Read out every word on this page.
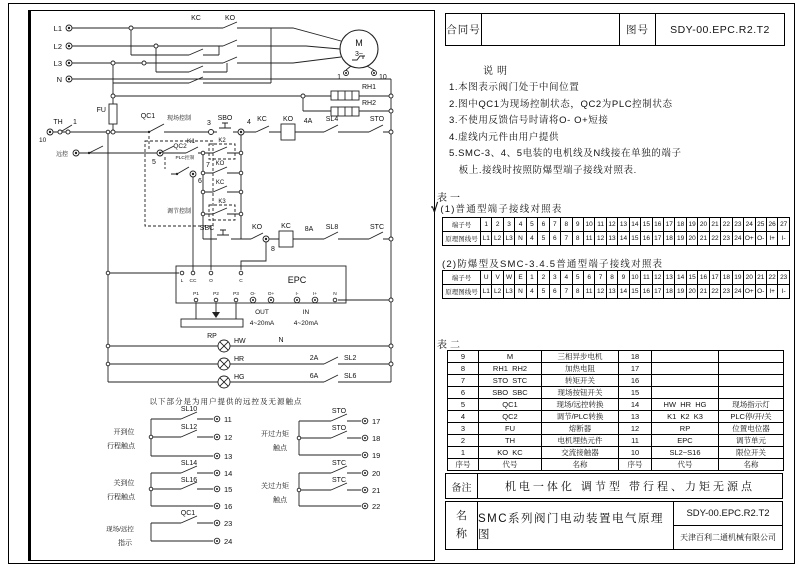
L1
L2
L3
N
KC	KO
M
3~
1	10
RH1
RH2
FU
TH 1
10
QC1 现场控制
远控
QC2
PLC控制
5
6
7
调节控制
K1	K2
KO
KC
K3
3
SBO
4 KC KO 4A SL4	STO
SBC	KO
8
KC 8A SL8	STC
EPC
L CC	O	C
P1	P2	P3 O-	O+	I-	I+	N
OUT
4~20mA
IN
4~20mA
RP
HW	N
HR	2A	SL2
HG	6A	SL6
以下部分是为用户提供的远控及无源触点
SL10
SL12
11
12
13
开到位
行程触点
SL14
SL16
14
15
16
关到位
行程触点
QC1
23
24
现场/远控
指示
STO
STO
17
18
19
开过力矩
触点
STC
STC
20
21
22
关过力矩
触点
合同号	图号	SDY-00.EPC.R2.T2
说明
1.本图表示阀门处于中间位置
2.图中QC1为现场控制状态，QC2为PLC控制状态
3.不使用反馈信号时请将O- O+短接
4.虚线内元件由用户提供
5.SMC-3、4、5电装的电机线及N线接在单独的端子
板上.接线时按照防爆型端子接线对照表.
表一
√ (1)普通型端子接线对照表
端子号	1	2	3	4	5	6	7	8	9	10	11	12	13	14	15	16	17	18	19	20	21	22	23	24	25	26	27
原理图线号	L1	L2	L3	N	4	5	6	7	8	11	12	13	14	15	16	17	18	19	20	21	22	23	24	O+	O-	I+	I-
(2)防爆型及SMC-3.4.5普通型端子接线对照表
端子号	U	V	W	E	1	2	3	4	5	6	7	8	9	10	11	12	13	14	15	16	17	18	19	20	21	22	23
原理图线号	L1	L2	L3	N	4	5	6	7	8	11	12	13	14	15	16	17	18	19	20	21	22	23	24	O+	O-	I+	I-
表二
9	M	三相异步电机	18		
8	RH1  RH2	加热电阻	17		
7	STO  STC	转矩开关	16		
6	SBO  SBC	现场按钮开关	15		
5	QC1	现场/远控转换	14	HW  HR  HG	现场指示灯
4	QC2	调节/PLC转换	13	K1  K2  K3	PLC停/开/关
3	FU	熔断器	12	RP	位置电位器
2	TH	电机埋热元件	11	EPC	调节单元
1	KO  KC	交流接触器	10	SL2~S16	限位开关
序号	代号	名称	序号	代号	名称
备注	机电一体化 调节型 带行程、力矩无源点
名称
SMC系列阀门电动装置电气原理图
SDY-00.EPC.R2.T2
天津百利二通机械有限公司
